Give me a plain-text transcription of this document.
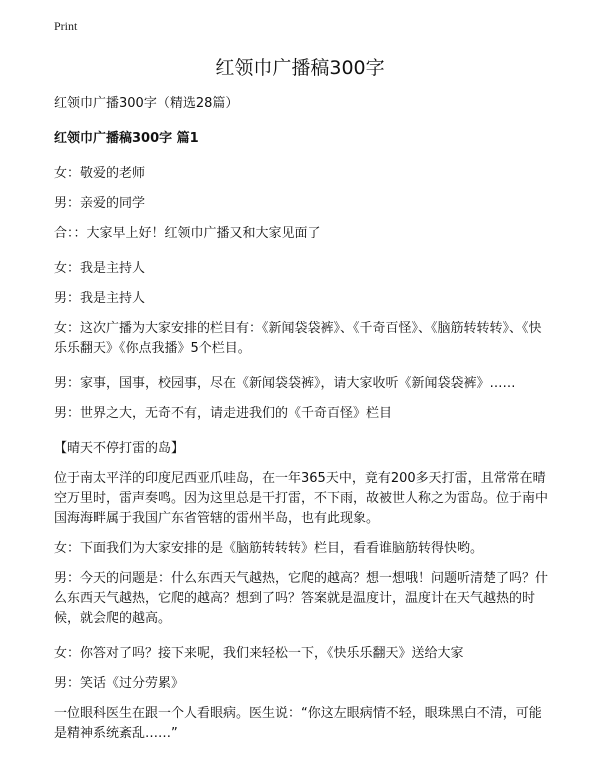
Print
红领巾广播稿300字

红领巾广播300字（精选28篇）

红领巾广播稿300字 篇1

女：敬爱的老师

男：亲爱的同学

合：：大家早上好！红领巾广播又和大家见面了

女：我是主持人

男：我是主持人

女：这次广播为大家安排的栏目有：《新闻袋袋裤》、《千奇百怪》、《脑筋转转转》、《快乐乐翻天》《你点我播》5个栏目。

男：家事，国事，校园事，尽在《新闻袋袋裤》，请大家收听《新闻袋袋裤》……

男：世界之大，无奇不有，请走进我们的《千奇百怪》栏目

【晴天不停打雷的岛】

位于南太平洋的印度尼西亚爪哇岛，在一年365天中，竟有200多天打雷，且常常在晴空万里时，雷声奏鸣。因为这里总是干打雷，不下雨，故被世人称之为雷岛。位于南中国海海畔属于我国广东省管辖的雷州半岛，也有此现象。

女：下面我们为大家安排的是《脑筋转转转》栏目，看看谁脑筋转得快哟。

男：今天的问题是：什么东西天气越热，它爬的越高？想一想哦！问题听清楚了吗？什么东西天气越热，它爬的越高？想到了吗？答案就是温度计，温度计在天气越热的时候，就会爬的越高。

女：你答对了吗？接下来呢，我们来轻松一下，《快乐乐翻天》送给大家

男：笑话《过分劳累》

一位眼科医生在跟一个人看眼病。医生说：“你这左眼病情不轻，眼珠黑白不清，可能是精神系统紊乱……”
